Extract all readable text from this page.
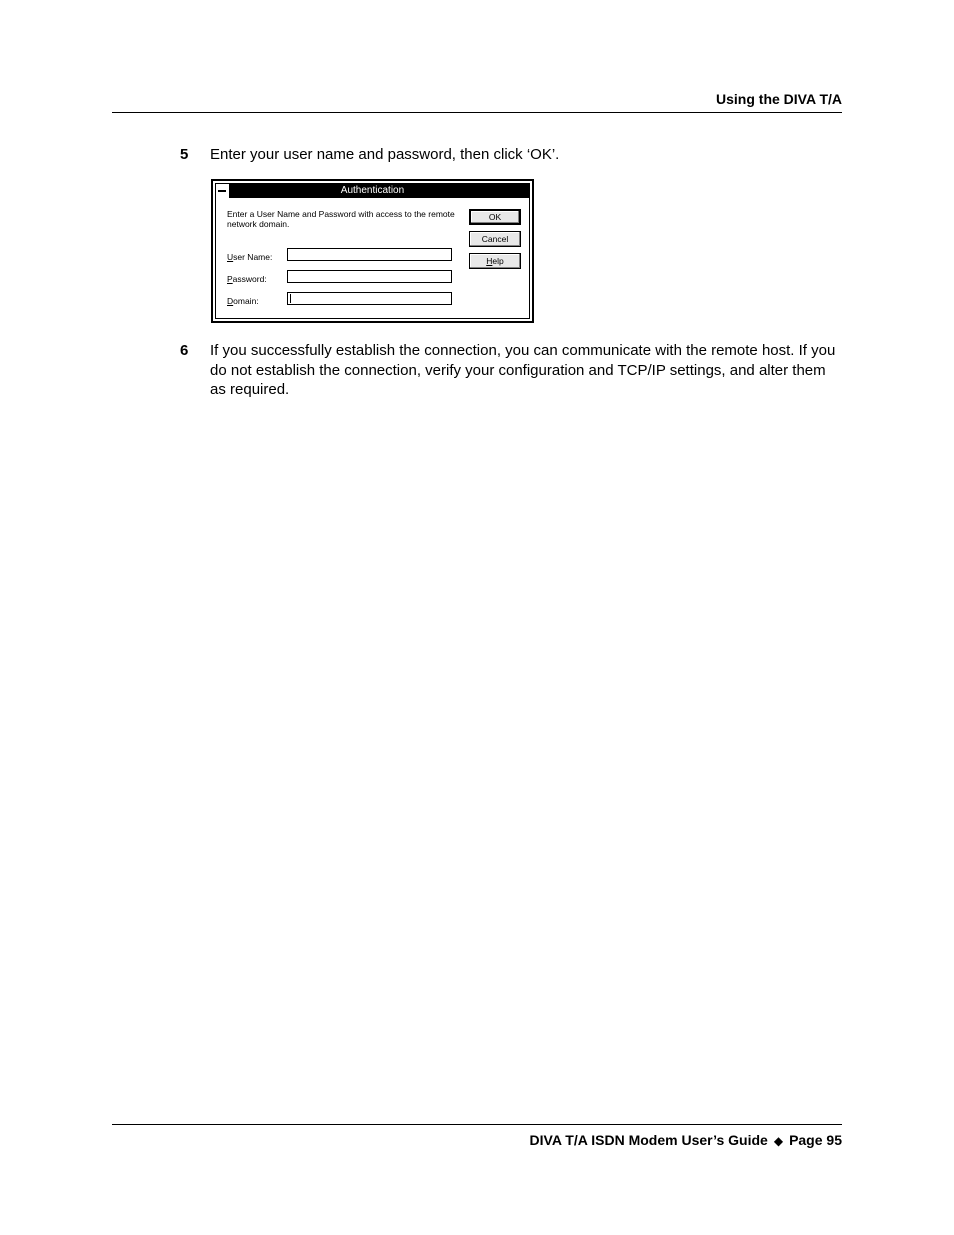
Using the DIVA T/A
5 Enter your user name and password, then click ‘OK’.
Authentication
Enter a User Name and Password with access to the remote network domain.
User Name:
Password:
Domain:
OK
Cancel
Help
6 If you successfully establish the connection, you can communicate with the remote host. If you do not establish the connection, verify your configuration and TCP/IP settings, and alter them as required.
DIVA T/A ISDN Modem User’s Guide ◆ Page 95
